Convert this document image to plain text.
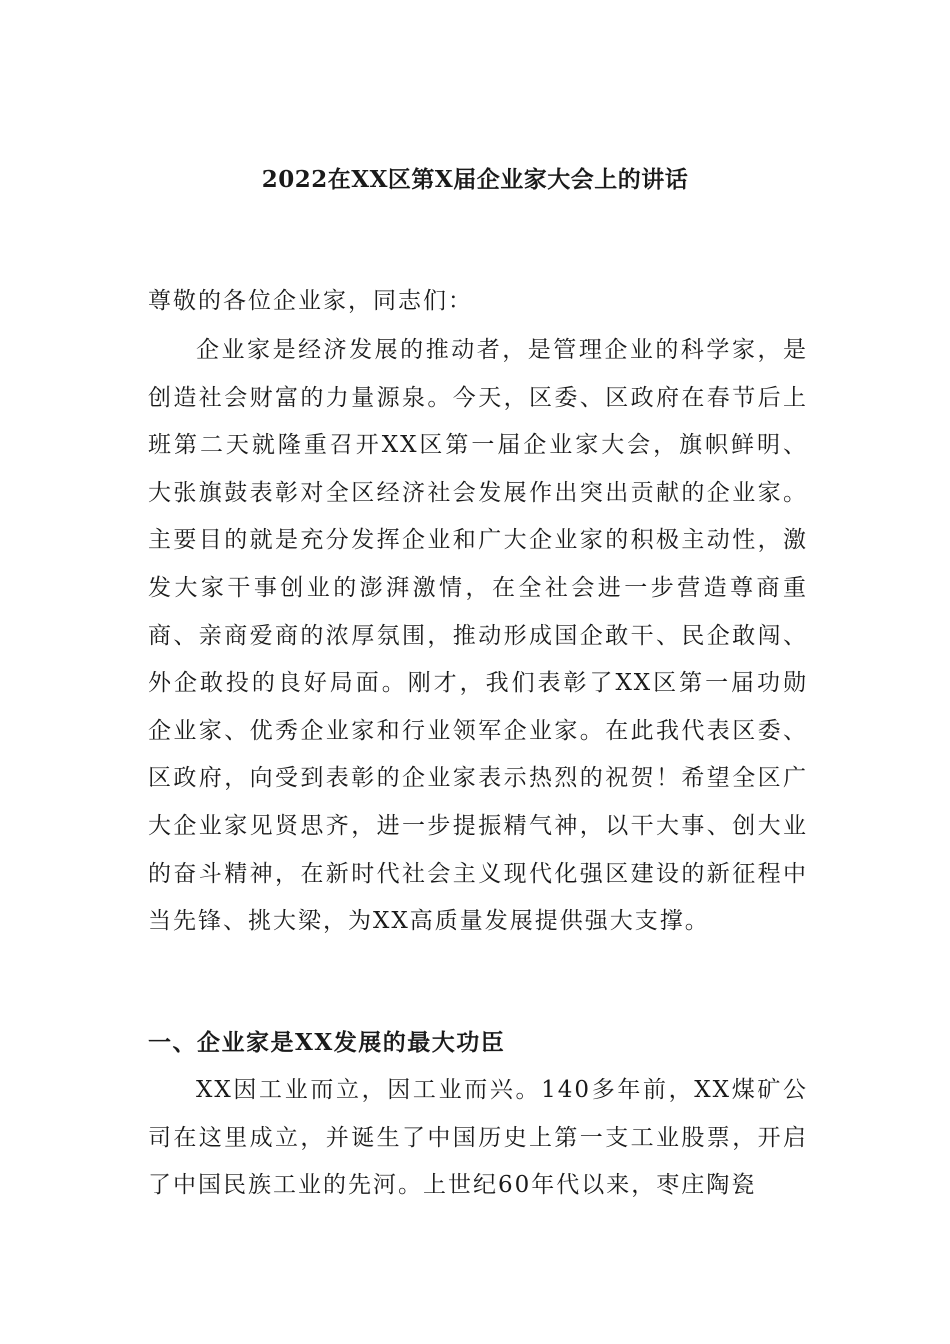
2022在XX区第X届企业家大会上的讲话
尊敬的各位企业家，同志们：

企业家是经济发展的推动者，是管理企业的科学家，是创造社会财富的力量源泉。今天，区委、区政府在春节后上班第二天就隆重召开XX区第一届企业家大会，旗帜鲜明、大张旗鼓表彰对全区经济社会发展作出突出贡献的企业家。主要目的就是充分发挥企业和广大企业家的积极主动性，激发大家干事创业的澎湃激情，在全社会进一步营造尊商重商、亲商爱商的浓厚氛围，推动形成国企敢干、民企敢闯、外企敢投的良好局面。刚才，我们表彰了XX区第一届功勋企业家、优秀企业家和行业领军企业家。在此我代表区委、区政府，向受到表彰的企业家表示热烈的祝贺！希望全区广大企业家见贤思齐，进一步提振精气神，以干大事、创大业的奋斗精神，在新时代社会主义现代化强区建设的新征程中当先锋、挑大梁，为XX高质量发展提供强大支撑。

一、企业家是XX发展的最大功臣

XX因工业而立，因工业而兴。140多年前，XX煤矿公司在这里成立，并诞生了中国历史上第一支工业股票，开启了中国民族工业的先河。上世纪60年代以来，枣庄陶瓷
